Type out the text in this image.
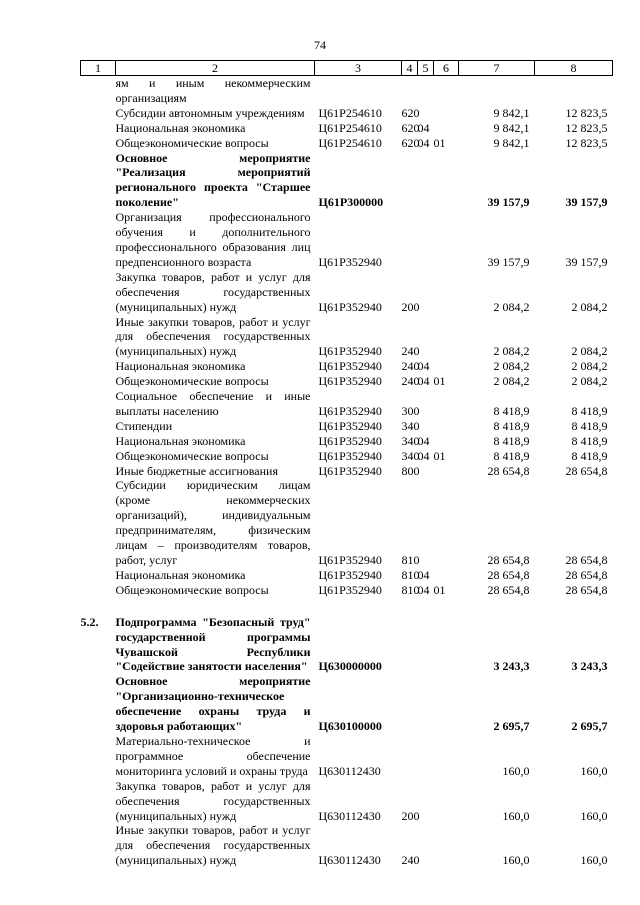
74
1	2	3	4	5	6	7	8
	ям и иным некоммерческим организациям						
	Субсидии автономным учреждениям	Ц61P254610	620			9 842,1	12 823,5
	Национальная экономика	Ц61P254610	620	04		9 842,1	12 823,5
	Общеэкономические вопросы	Ц61P254610	620	04	01	9 842,1	12 823,5
	Основное мероприятие "Реализация мероприятий регионального проекта "Старшее поколение"	Ц61P300000				39 157,9	39 157,9
	Организация профессионального обучения и дополнительного профессионального образования лиц предпенсионного возраста	Ц61P352940				39 157,9	39 157,9
	Закупка товаров, работ и услуг для обеспечения государственных (муниципальных) нужд	Ц61P352940	200			2 084,2	2 084,2
	Иные закупки товаров, работ и услуг для обеспечения государственных (муниципальных) нужд	Ц61P352940	240			2 084,2	2 084,2
	Национальная экономика	Ц61P352940	240	04		2 084,2	2 084,2
	Общеэкономические вопросы	Ц61P352940	240	04	01	2 084,2	2 084,2
	Социальное обеспечение и иные выплаты населению	Ц61P352940	300			8 418,9	8 418,9
	Стипендии	Ц61P352940	340			8 418,9	8 418,9
	Национальная экономика	Ц61P352940	340	04		8 418,9	8 418,9
	Общеэкономические вопросы	Ц61P352940	340	04	01	8 418,9	8 418,9
	Иные бюджетные ассигнования	Ц61P352940	800			28 654,8	28 654,8
	Субсидии юридическим лицам (кроме некоммерческих организаций), индивидуальным предпринимателям, физическим лицам – производителям товаров, работ, услуг	Ц61P352940	810			28 654,8	28 654,8
	Национальная экономика	Ц61P352940	810	04		28 654,8	28 654,8
	Общеэкономические вопросы	Ц61P352940	810	04	01	28 654,8	28 654,8

5.2.	Подпрограмма "Безопасный труд" государственной программы Чувашской Республики "Содействие занятости населения"	Ц630000000				3 243,3	3 243,3
	Основное мероприятие "Организационно-техническое обеспечение охраны труда и здоровья работающих"	Ц630100000				2 695,7	2 695,7
	Материально-техническое и программное обеспечение мониторинга условий и охраны труда	Ц630112430				160,0	160,0
	Закупка товаров, работ и услуг для обеспечения государственных (муниципальных) нужд	Ц630112430	200			160,0	160,0
	Иные закупки товаров, работ и услуг для обеспечения государственных (муниципальных) нужд	Ц630112430	240			160,0	160,0
